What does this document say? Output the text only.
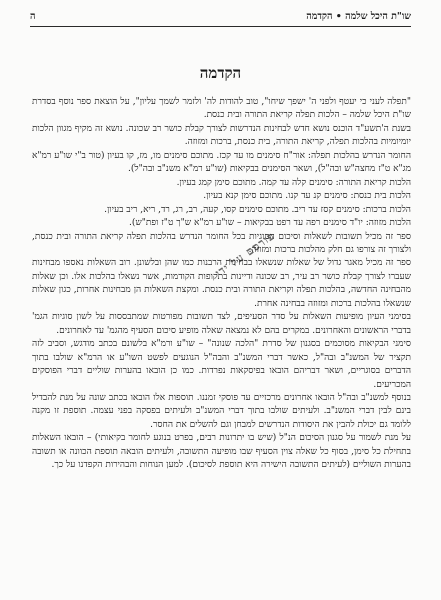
שו"ת היכל שלמה • הקדמה
ה
הקדמה

"תפלה לעני כי יעטף ולפני ה' ישפך שיחו", טוב להודות לה' ולזמר לשמך עליון", על הוצאת ספר נוסף בסדרת שו"ת היכל שלמה – הלכות תפלה קריאת התורה ובית כנסת.

בשנת ה'תשע"ד הוכנס נושא חדש לבחינות הנדרשות לצורך קבלת כושר רב שכונה. נושא זה מקיף מגוון הלכות יומיומיות בהלכות תפלה, קריאת התורה, בית כנסת, ברכות ומזוזה.

החומר הנדרש בהלכות תפלה: אור"ח סימנים מו עד קכז. מתוכם סימנים מו, מז, קו בעיון (טור ב"י שו"ע רמ"א מג"א ט"ז מחצה"ש ובה"ל), ושאר הסימנים בבקיאות (שו"ע רמ"א משנ"ב ובה"ל).

הלכות קריאת התורה: סימנים קלה עד קמה. מתוכם סימן קמג בעיון.

הלכות בית כנסת: סימנים קנ עד קנו. מתוכם סימן קנא בעיון.

הלכות ברכות: סימנים קסז עד ריב. מתוכם סימנים קסו, קעה, רב, רג, רד, ריא, ריב בעיון.

הלכות מזוזה: יו"ד סימנים רפה עד רפט בבקיאות – שו"ע רמ"א ש"ך ט"ז ופת"ש).

ספר זה מכיל תשובות לשאלות וסיכום הסוגיות בכל החומר הנדרש בהלכות תפלה קריאת התורה ובית כנסת, ולצורך זה צורפו גם חלק מהלכות ברכות ומזוזה.

ספר זה מכיל מאגר גדול של שאלות שנשאלו בבחינות הרבנות כמו שהן ובלשונן. רוב השאלות נאספו מבחינות שעברו לצורך קבלת כושר רב עיר, רב שכונה ודיינות בתקופות הקודמות, אשר נשאלו בהלכות אלו. וכן שאלות מהבחינה החדשה, בהלכות תפלה וקריאת התורה ובית כנסת. ומקצת השאלות הן מבחינות אחרות, כגון שאלות שנשאלו בהלכות ברכות ומזוזה בבחינה אחרת.

בסימני העיון מופיעות השאלות על סדר הסעיפים, לצד תשובות מפורטות שמתבססות על לשון סוגיות הגמ' בדברי הראשונים והאחרונים. במקרים בהם לא נמצאה שאלה מופיע סיכום הסעיף מהגמ' עד לאחרונים.

סימני הבקיאות מסוכמים בסגנון של סדרת "הלכה שנונה" – שו"ע ורמ"א בלשונם בכתב מודגש, וסביב לזה תקציר של המשנ"ב ובה"ל, כאשר דברי המשנ"ב והבה"ל הנוגעים לפשט השו"ע או הרמ"א שולבו בתוך הדברים בסוגריים, ושאר דבריהם הובאו בפיסקאות נפרדות. כמו כן הובאו בהערות שוליים דברי הפוסקים המכריעים.

בנוסף למשנ"ב ובה"ל הובאו אחרונים מרכזיים עד פוסקי זמננו. תוספות אלו הובאו בכתב שונה על מנת להבדיל בינם לבין דברי המשנ"ב. ולעיתים שולבו בתוך דברי המשנ"ב ולעיתים בפסקה בפני עצמה. תוספת זו מקנה ללומד גם יכולת להבין את היסודות הנדרשים למבחן וגם להשלים את החסר.

על מנת לשמור על סגנון הסיכום הנ"ל (שיש בו יתרונות רבים, בפרט בנוגע לחומר בקיאותי) – הובאו השאלות בתחילת כל סימן, בסוף כל שאלה צוין הסעיף שבו מופיעה התשובה, ולעיתים הובאה תוספת הכוונה או תשובה בהערות השוליים (לעיתים התשובה הישירה היא תוספת לסיכום). למען הנוחות והבהירות הקפדנו על כך.

פורסם על ידי
